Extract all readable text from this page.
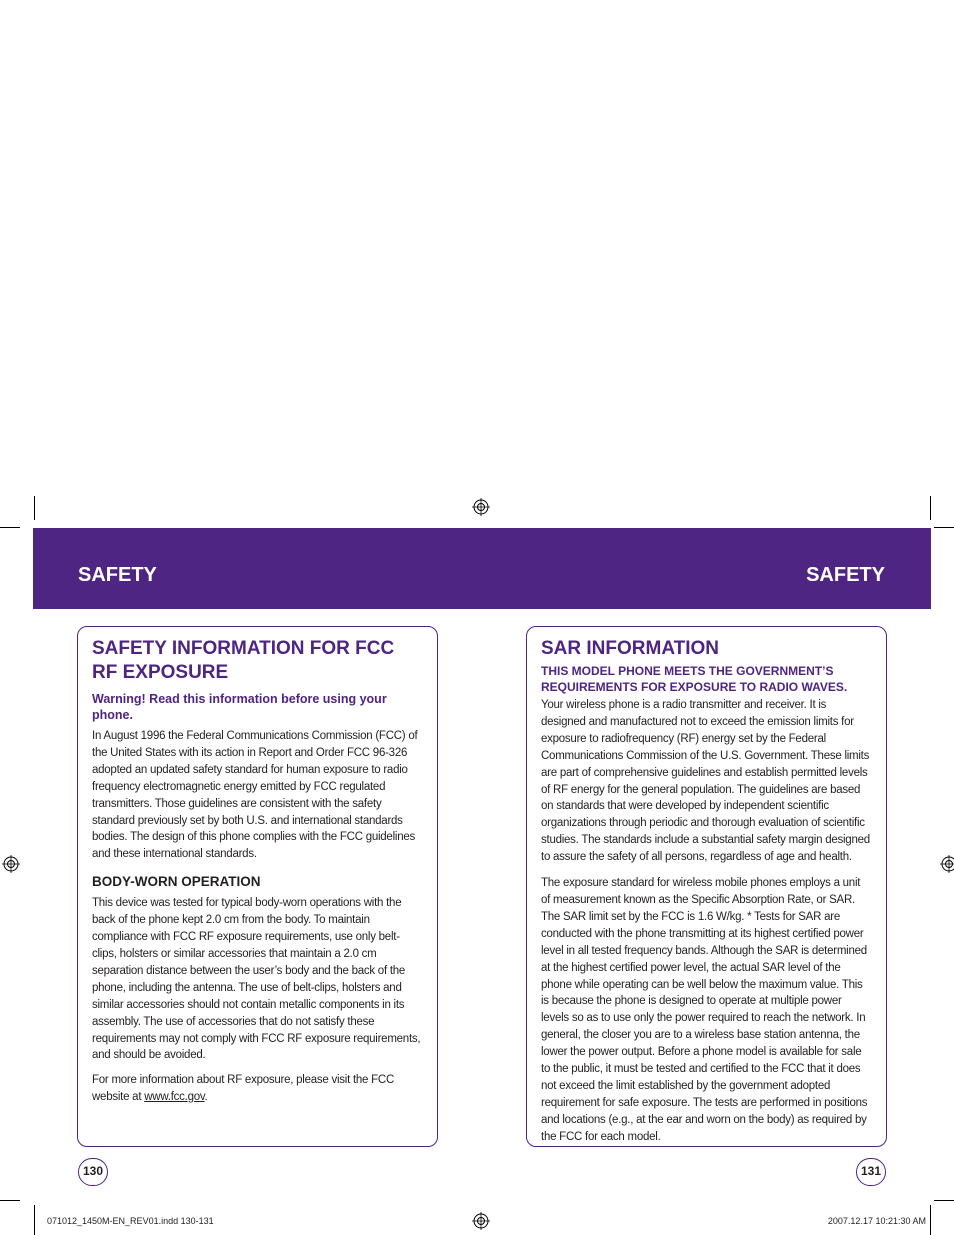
SAFETY	SAFETY
SAFETY INFORMATION FOR FCC RF EXPOSURE
Warning! Read this information before using your phone.

In August 1996 the Federal Communications Commission (FCC) of the United States with its action in Report and Order FCC 96-326 adopted an updated safety standard for human exposure to radio frequency electromagnetic energy emitted by FCC regulated transmitters. Those guidelines are consistent with the safety standard previously set by both U.S. and international standards bodies. The design of this phone complies with the FCC guidelines and these international standards.

BODY-WORN OPERATION

This device was tested for typical body-worn operations with the back of the phone kept 2.0 cm from the body. To maintain compliance with FCC RF exposure requirements, use only belt-clips, holsters or similar accessories that maintain a 2.0 cm separation distance between the user’s body and the back of the phone, including the antenna. The use of belt-clips, holsters and similar accessories should not contain metallic components in its assembly. The use of accessories that do not satisfy these requirements may not comply with FCC RF exposure requirements, and should be avoided.

For more information about RF exposure, please visit the FCC website at www.fcc.gov.

SAR INFORMATION
THIS MODEL PHONE MEETS THE GOVERNMENT’S REQUIREMENTS FOR EXPOSURE TO RADIO WAVES.

Your wireless phone is a radio transmitter and receiver. It is designed and manufactured not to exceed the emission limits for exposure to radiofrequency (RF) energy set by the Federal Communications Commission of the U.S. Government. These limits are part of comprehensive guidelines and establish permitted levels of RF energy for the general population. The guidelines are based on standards that were developed by independent scientific organizations through periodic and thorough evaluation of scientific studies. The standards include a substantial safety margin designed to assure the safety of all persons, regardless of age and health.

The exposure standard for wireless mobile phones employs a unit of measurement known as the Specific Absorption Rate, or SAR. The SAR limit set by the FCC is 1.6 W/kg. * Tests for SAR are conducted with the phone transmitting at its highest certified power level in all tested frequency bands. Although the SAR is determined at the highest certified power level, the actual SAR level of the phone while operating can be well below the maximum value. This is because the phone is designed to operate at multiple power levels so as to use only the power required to reach the network. In general, the closer you are to a wireless base station antenna, the lower the power output. Before a phone model is available for sale to the public, it must be tested and certified to the FCC that it does not exceed the limit established by the government adopted requirement for safe exposure. The tests are performed in positions and locations (e.g., at the ear and worn on the body) as required by the FCC for each model.

130	131
071012_1450M-EN_REV01.indd 130-131	2007.12.17 10:21:30 AM
